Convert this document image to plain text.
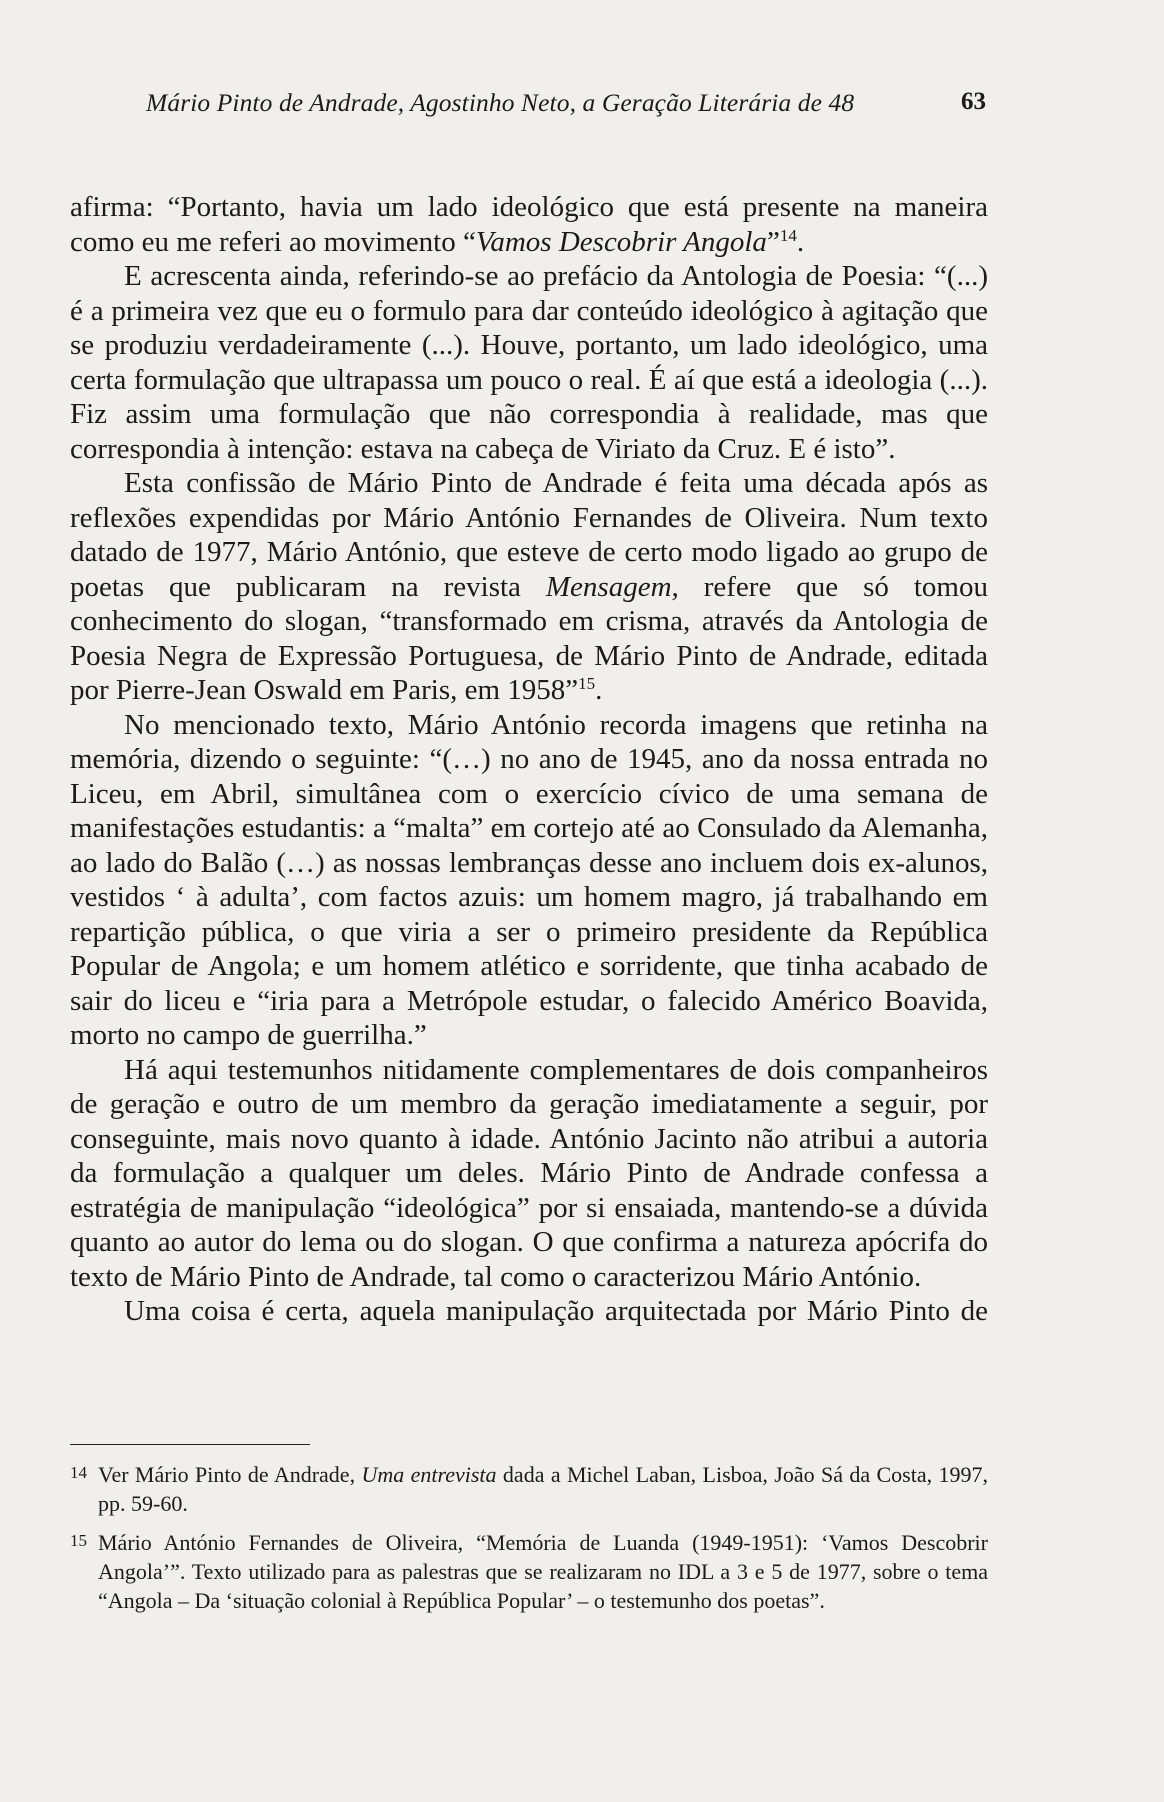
Mário Pinto de Andrade, Agostinho Neto, a Geração Literária de 48	63

afirma: “Portanto, havia um lado ideológico que está presente na maneira como eu me referi ao movimento “Vamos Descobrir Angola”$^{14}$.

E acrescenta ainda, referindo-se ao prefácio da Antologia de Poesia: “(...) é a primeira vez que eu o formulo para dar conteúdo ideológico à agitação que se produziu verdadeiramente (...). Houve, portanto, um lado ideológico, uma certa formulação que ultrapassa um pouco o real. É aí que está a ideologia (...). Fiz assim uma formulação que não correspondia à realidade, mas que correspondia à intenção: estava na cabeça de Viriato da Cruz. E é isto”.

Esta confissão de Mário Pinto de Andrade é feita uma década após as reflexões expendidas por Mário António Fernandes de Oliveira. Num texto datado de 1977, Mário António, que esteve de certo modo ligado ao grupo de poetas que publicaram na revista Mensagem, refere que só tomou conhecimento do slogan, “transformado em crisma, através da Antologia de Poesia Negra de Expressão Portuguesa, de Mário Pinto de Andrade, editada por Pierre-Jean Oswald em Paris, em 1958”$^{15}$.

No mencionado texto, Mário António recorda imagens que retinha na memória, dizendo o seguinte: “(…) no ano de 1945, ano da nossa entrada no Liceu, em Abril, simultânea com o exercício cívico de uma semana de manifestações estudantis: a “malta” em cortejo até ao Consulado da Alemanha, ao lado do Balão (…) as nossas lembranças desse ano incluem dois ex-alunos, vestidos ‘ à adulta’, com factos azuis: um homem magro, já trabalhando em repartição pública, o que viria a ser o primeiro presidente da República Popular de Angola; e um homem atlético e sorridente, que tinha acabado de sair do liceu e “iria para a Metrópole estudar, o falecido Américo Boavida, morto no campo de guerrilha.”

Há aqui testemunhos nitidamente complementares de dois companheiros de geração e outro de um membro da geração imediatamente a seguir, por conseguinte, mais novo quanto à idade. António Jacinto não atribui a autoria da formulação a qualquer um deles. Mário Pinto de Andrade confessa a estratégia de manipulação “ideológica” por si ensaiada, mantendo-se a dúvida quanto ao autor do lema ou do slogan. O que confirma a natureza apócrifa do texto de Mário Pinto de Andrade, tal como o caracterizou Mário António.

Uma coisa é certa, aquela manipulação arquitectada por Mário Pinto de

14 Ver Mário Pinto de Andrade, Uma entrevista dada a Michel Laban, Lisboa, João Sá da Costa, 1997, pp. 59-60.

15 Mário António Fernandes de Oliveira, “Memória de Luanda (1949-1951): ‘Vamos Descobrir Angola’”. Texto utilizado para as palestras que se realizaram no IDL a 3 e 5 de 1977, sobre o tema “Angola – Da ‘situação colonial à República Popular’ – o testemunho dos poetas”.
